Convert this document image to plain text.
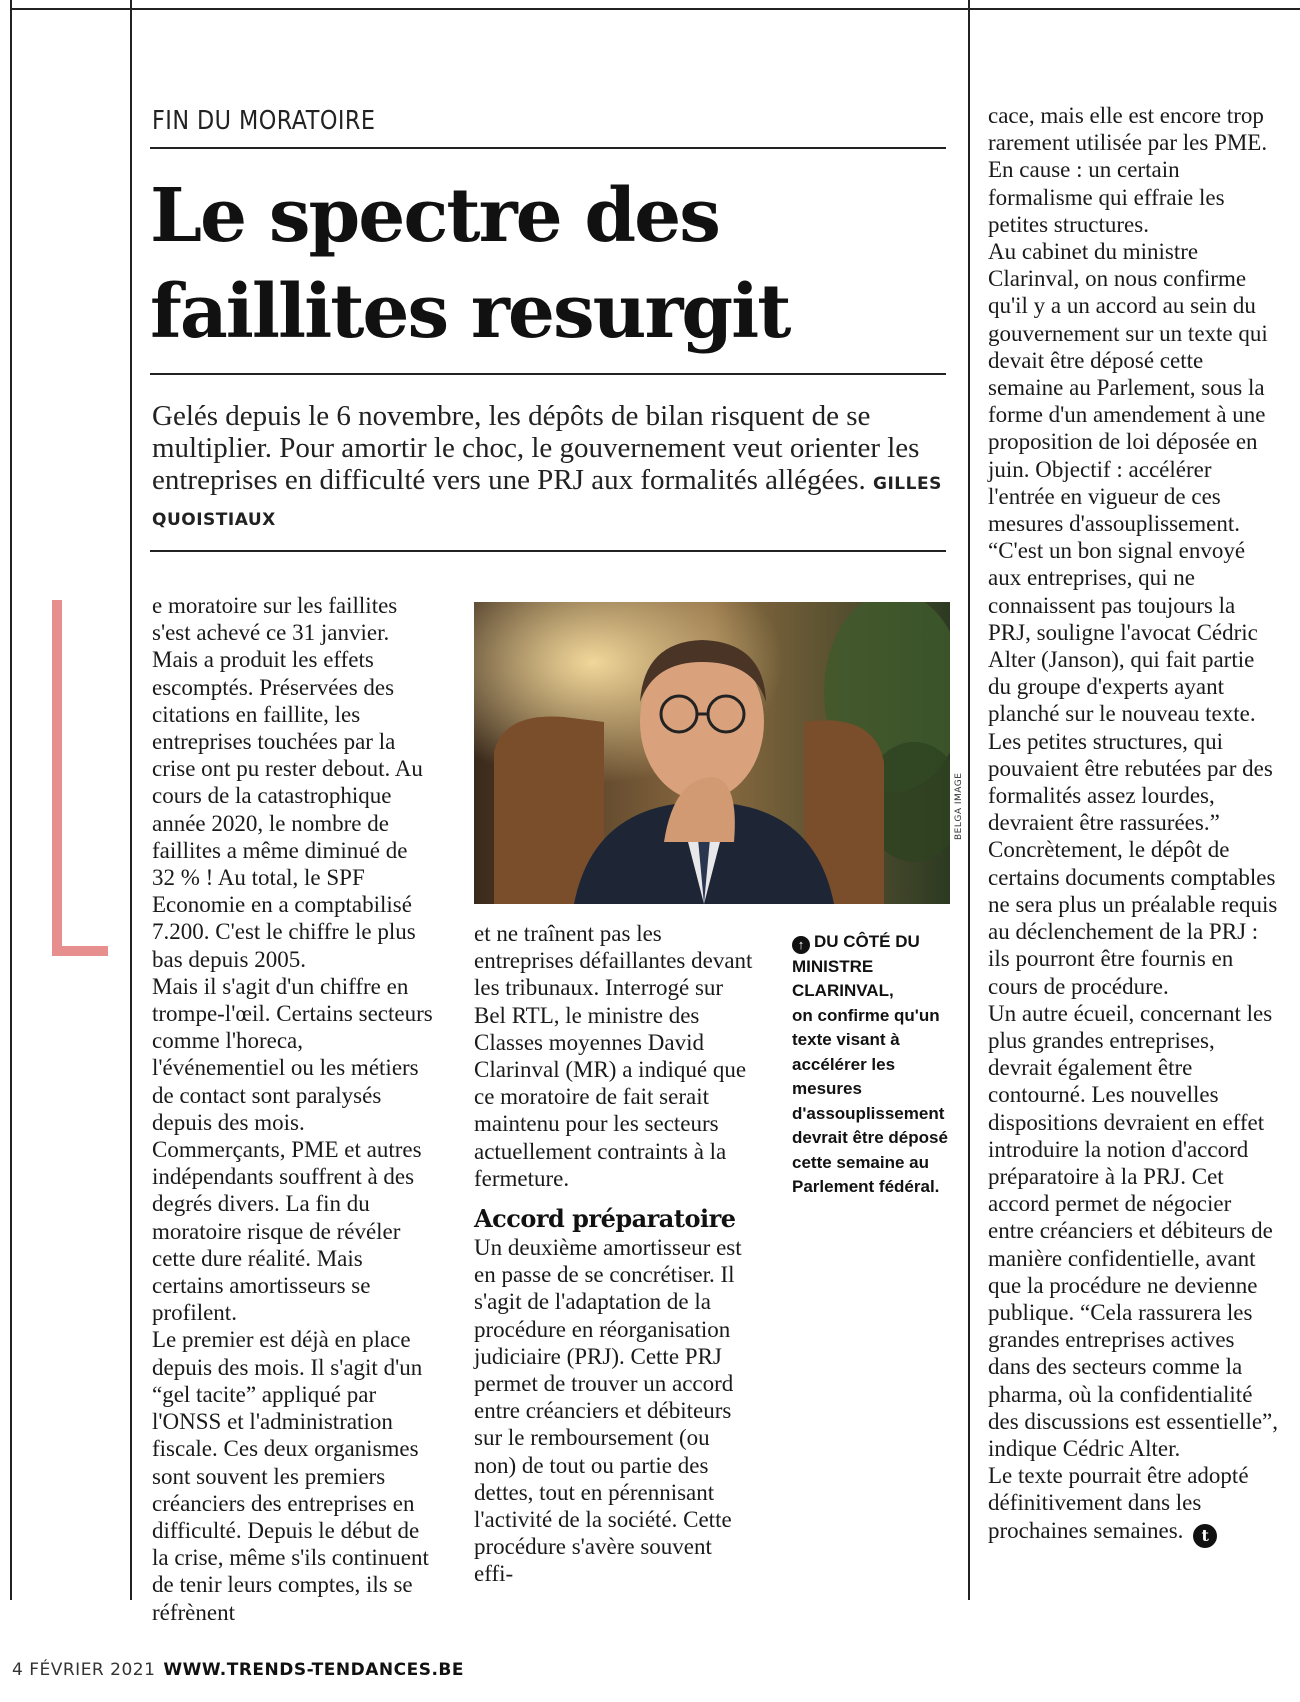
FIN DU MORATOIRE
Le spectre des
faillites resurgit
Gelés depuis le 6 novembre, les dépôts de bilan risquent de se multiplier. Pour amortir le choc, le gouvernement veut orienter les entreprises en difficulté vers une PRJ aux formalités allégées. GILLES QUOISTIAUX

e moratoire sur les faillites s'est achevé ce 31 janvier. Mais a produit les effets escomptés. Préservées des citations en faillite, les entreprises touchées par la crise ont pu rester debout. Au cours de la catastrophique année 2020, le nombre de faillites a même diminué de 32 % ! Au total, le SPF Economie en a comptabilisé 7.200. C'est le chiffre le plus bas depuis 2005.

Mais il s'agit d'un chiffre en trompe-l'œil. Certains secteurs comme l'horeca, l'événementiel ou les métiers de contact sont paralysés depuis des mois. Commerçants, PME et autres indépendants souffrent à des degrés divers. La fin du moratoire risque de révéler cette dure réalité. Mais certains amortisseurs se profilent.

Le premier est déjà en place depuis des mois. Il s'agit d'un “gel tacite” appliqué par l'ONSS et l'administration fiscale. Ces deux organismes sont souvent les premiers créanciers des entreprises en difficulté. Depuis le début de la crise, même s'ils continuent de tenir leurs comptes, ils se réfrènent

BELGA IMAGE

et ne traînent pas les entreprises défaillantes devant les tribunaux. Interrogé sur Bel RTL, le ministre des Classes moyennes David Clarinval (MR) a indiqué que ce moratoire de fait serait maintenu pour les secteurs actuellement contraints à la fermeture.

Accord préparatoire

Un deuxième amortisseur est en passe de se concrétiser. Il s'agit de l'adaptation de la procédure en réorganisation judiciaire (PRJ). Cette PRJ permet de trouver un accord entre créanciers et débiteurs sur le remboursement (ou non) de tout ou partie des dettes, tout en pérennisant l'activité de la société. Cette procédure s'avère souvent effi-

↑ DU CÔTÉ DU MINISTRE CLARINVAL,
on confirme qu'un texte visant à accélérer les mesures d'assouplissement devrait être déposé cette semaine au Parlement fédéral.

cace, mais elle est encore trop rarement utilisée par les PME. En cause : un certain formalisme qui effraie les petites structures.

Au cabinet du ministre Clarinval, on nous confirme qu'il y a un accord au sein du gouvernement sur un texte qui devait être déposé cette semaine au Parlement, sous la forme d'un amendement à une proposition de loi déposée en juin. Objectif : accélérer l'entrée en vigueur de ces mesures d'assouplissement. “C'est un bon signal envoyé aux entreprises, qui ne connaissent pas toujours la PRJ, souligne l'avocat Cédric Alter (Janson), qui fait partie du groupe d'experts ayant planché sur le nouveau texte. Les petites structures, qui pouvaient être rebutées par des formalités assez lourdes, devraient être rassurées.” Concrètement, le dépôt de certains documents comptables ne sera plus un préalable requis au déclenchement de la PRJ : ils pourront être fournis en cours de procédure.

Un autre écueil, concernant les plus grandes entreprises, devrait également être contourné. Les nouvelles dispositions devraient en effet introduire la notion d'accord préparatoire à la PRJ. Cet accord permet de négocier entre créanciers et débiteurs de manière confidentielle, avant que la procédure ne devienne publique. “Cela rassurera les grandes entreprises actives dans des secteurs comme la pharma, où la confidentialité des discussions est essentielle”, indique Cédric Alter.

Le texte pourrait être adopté définitivement dans les prochaines semaines. t

4 FÉVRIER 2021 WWW.TRENDS-TENDANCES.BE
